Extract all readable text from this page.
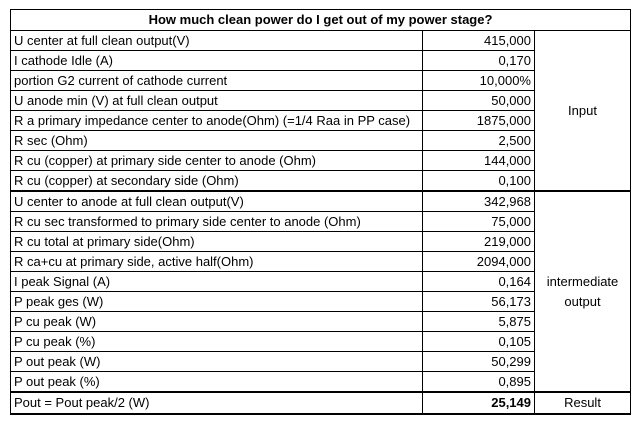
How much clean power do I get out of my power stage?		
U center at full clean output(V)	415,000	Input
I cathode Idle (A)	0,170	
portion G2 current of cathode current	10,000%	
U anode min (V) at full clean output	50,000	
R a primary impedance center to anode(Ohm) (=1/4 Raa in PP case)	1875,000	
R sec (Ohm)	2,500	
R cu (copper) at primary side center to anode (Ohm)	144,000	
R cu (copper) at secondary side (Ohm)	0,100	
U center to anode at full clean output(V)	342,968	intermediate output
R cu sec transformed to primary side center to anode (Ohm)	75,000	
R cu total at primary side(Ohm)	219,000	
R ca+cu at primary side, active half(Ohm)	2094,000	
I peak Signal (A)	0,164	
P peak ges (W)	56,173	
P cu peak (W)	5,875	
P cu peak (%)	0,105	
P out peak (W)	50,299	
P out peak (%)	0,895	
Pout = Pout peak/2 (W)	25,149	Result
